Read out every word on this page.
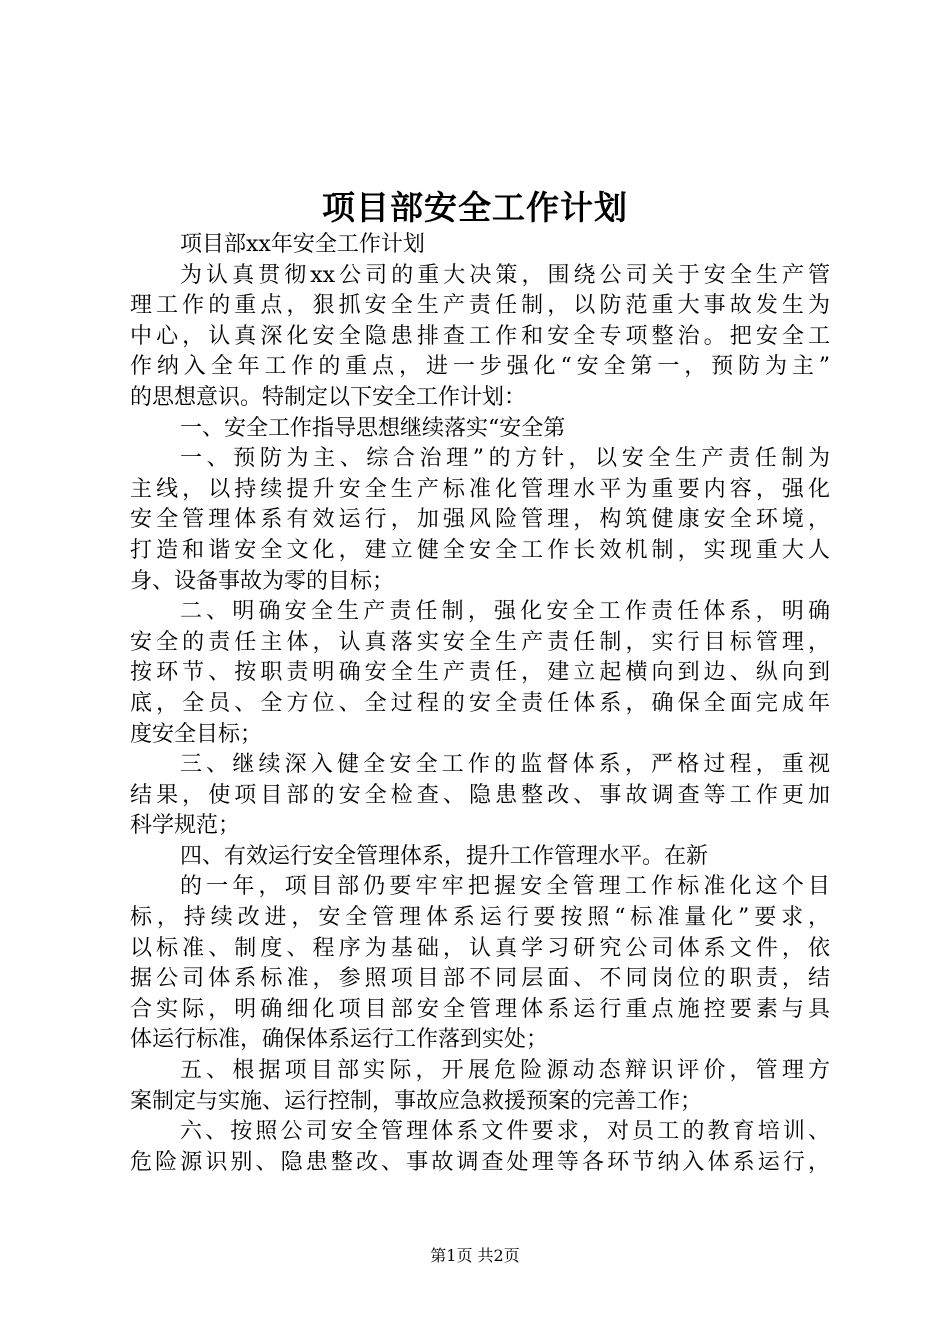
项目部安全工作计划
项目部xx年安全工作计划
为认真贯彻xx公司的重大决策，围绕公司关于安全生产管
理工作的重点，狠抓安全生产责任制，以防范重大事故发生为
中心，认真深化安全隐患排查工作和安全专项整治。把安全工
作纳入全年工作的重点，进一步强化“安全第一，预防为主”
的思想意识。特制定以下安全工作计划：
一、安全工作指导思想继续落实“安全第
一、预防为主、综合治理”的方针，以安全生产责任制为
主线，以持续提升安全生产标准化管理水平为重要内容，强化
安全管理体系有效运行，加强风险管理，构筑健康安全环境，
打造和谐安全文化，建立健全安全工作长效机制，实现重大人
身、设备事故为零的目标；
二、明确安全生产责任制，强化安全工作责任体系，明确
安全的责任主体，认真落实安全生产责任制，实行目标管理，
按环节、按职责明确安全生产责任，建立起横向到边、纵向到
底，全员、全方位、全过程的安全责任体系，确保全面完成年
度安全目标；
三、继续深入健全安全工作的监督体系，严格过程，重视
结果，使项目部的安全检查、隐患整改、事故调查等工作更加
科学规范；
四、有效运行安全管理体系，提升工作管理水平。在新
的一年，项目部仍要牢牢把握安全管理工作标准化这个目
标，持续改进，安全管理体系运行要按照“标准量化”要求，
以标准、制度、程序为基础，认真学习研究公司体系文件，依
据公司体系标准，参照项目部不同层面、不同岗位的职责，结
合实际，明确细化项目部安全管理体系运行重点施控要素与具
体运行标准，确保体系运行工作落到实处；
五、根据项目部实际，开展危险源动态辩识评价，管理方
案制定与实施、运行控制，事故应急救援预案的完善工作；
六、按照公司安全管理体系文件要求，对员工的教育培训、
危险源识别、隐患整改、事故调查处理等各环节纳入体系运行，
第1页 共2页
